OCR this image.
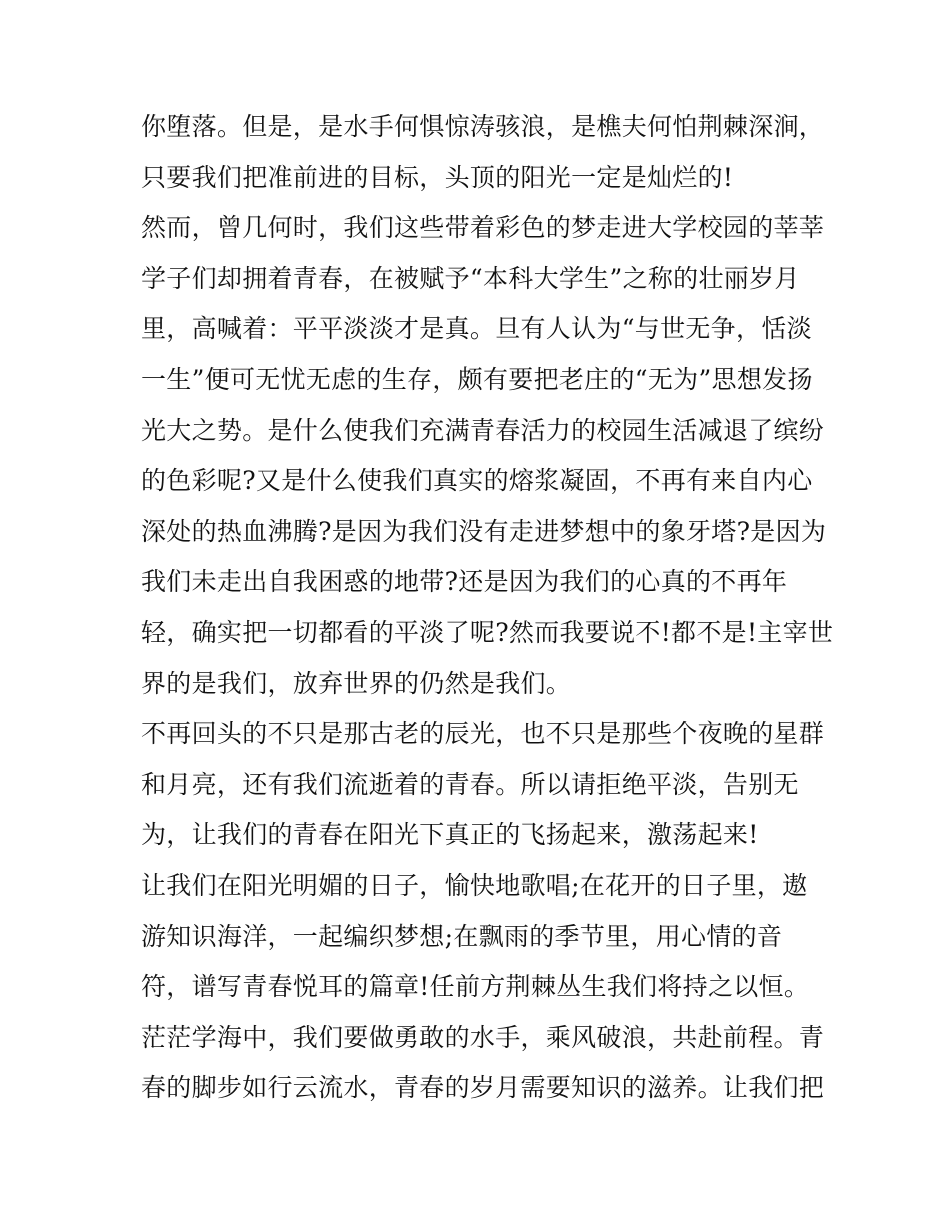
你堕落。但是，是水手何惧惊涛骇浪，是樵夫何怕荆棘深涧，
只要我们把准前进的目标，头顶的阳光一定是灿烂的!
然而，曾几何时，我们这些带着彩色的梦走进大学校园的莘莘
学子们却拥着青春，在被赋予“本科大学生”之称的壮丽岁月
里，高喊着：平平淡淡才是真。旦有人认为“与世无争，恬淡
一生”便可无忧无虑的生存，颇有要把老庄的“无为”思想发扬
光大之势。是什么使我们充满青春活力的校园生活减退了缤纷
的色彩呢?又是什么使我们真实的熔浆凝固，不再有来自内心
深处的热血沸腾?是因为我们没有走进梦想中的象牙塔?是因为
我们未走出自我困惑的地带?还是因为我们的心真的不再年
轻，确实把一切都看的平淡了呢?然而我要说不!都不是!主宰世
界的是我们，放弃世界的仍然是我们。
不再回头的不只是那古老的辰光，也不只是那些个夜晚的星群
和月亮，还有我们流逝着的青春。所以请拒绝平淡，告别无
为，让我们的青春在阳光下真正的飞扬起来，激荡起来!
让我们在阳光明媚的日子，愉快地歌唱;在花开的日子里，遨
游知识海洋，一起编织梦想;在飘雨的季节里，用心情的音
符，谱写青春悦耳的篇章!任前方荆棘丛生我们将持之以恒。
茫茫学海中，我们要做勇敢的水手，乘风破浪，共赴前程。青
春的脚步如行云流水，青春的岁月需要知识的滋养。让我们把
